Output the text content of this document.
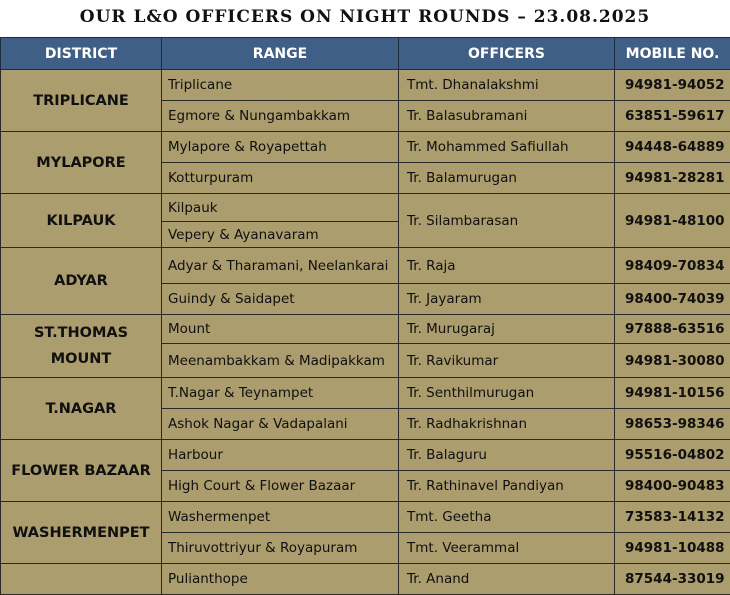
OUR L&O OFFICERS ON NIGHT ROUNDS – 23.08.2025
DISTRICT	RANGE	OFFICERS	MOBILE NO.
TRIPLICANE	Triplicane	Tmt. Dhanalakshmi	94981-94052
	Egmore & Nungambakkam	Tr. Balasubramani	63851-59617
MYLAPORE	Mylapore & Royapettah	Tr. Mohammed Safiullah	94448-64889
	Kotturpuram	Tr. Balamurugan	94981-28281
KILPAUK	Kilpauk	Tr. Silambarasan	94981-48100
	Vepery & Ayanavaram		
ADYAR	Adyar & Tharamani, Neelankarai	Tr. Raja	98409-70834
	Guindy & Saidapet	Tr. Jayaram	98400-74039
ST.THOMAS MOUNT	Mount	Tr. Murugaraj	97888-63516
	Meenambakkam & Madipakkam	Tr. Ravikumar	94981-30080
T.NAGAR	T.Nagar & Teynampet	Tr. Senthilmurugan	94981-10156
	Ashok Nagar & Vadapalani	Tr. Radhakrishnan	98653-98346
FLOWER BAZAAR	Harbour	Tr. Balaguru	95516-04802
	High Court & Flower Bazaar	Tr. Rathinavel Pandiyan	98400-90483
WASHERMENPET	Washermenpet	Tmt. Geetha	73583-14132
	Thiruvottriyur & Royapuram	Tmt. Veerammal	94981-10488
	Pulianthope	Tr. Anand	87544-33019
